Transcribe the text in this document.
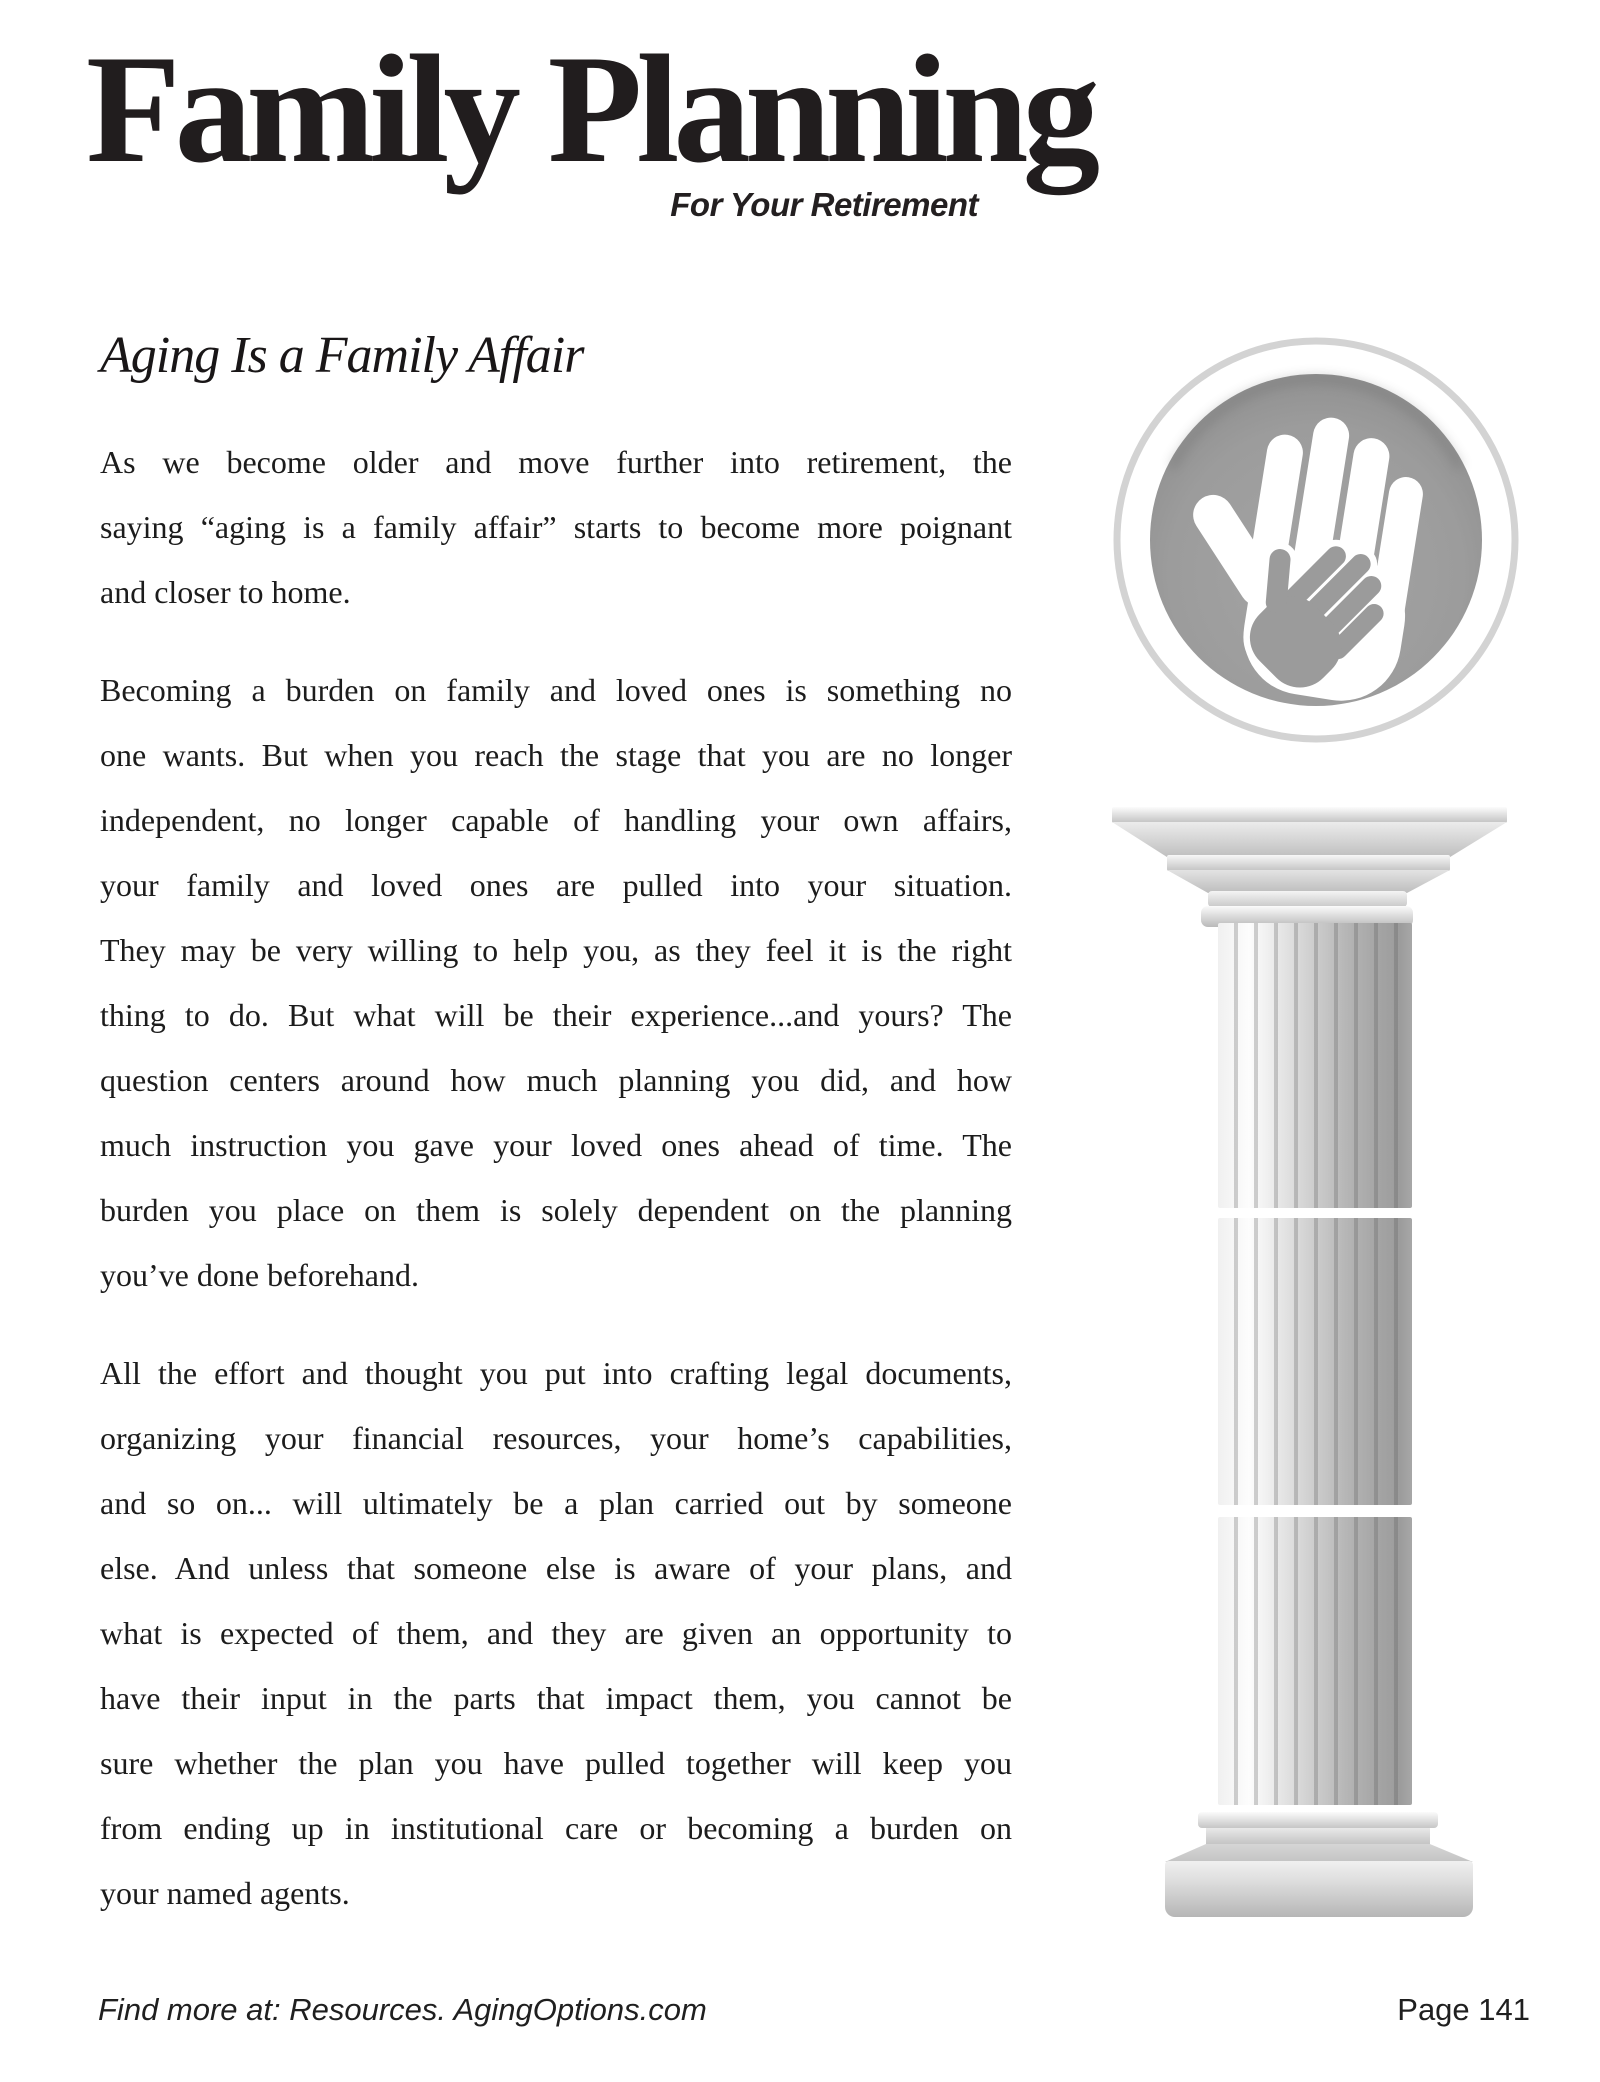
Family Planning
For Your Retirement
Aging Is a Family Affair
As we become older and move further into retirement, the
saying “aging is a family affair” starts to become more poignant
and closer to home.
Becoming a burden on family and loved ones is something no
one wants. But when you reach the stage that you are no longer
independent, no longer capable of handling your own affairs,
your family and loved ones are pulled into your situation.
They may be very willing to help you, as they feel it is the right
thing to do. But what will be their experience...and yours? The
question centers around how much planning you did, and how
much instruction you gave your loved ones ahead of time. The
burden you place on them is solely dependent on the planning
you’ve done beforehand.
All the effort and thought you put into crafting legal documents,
organizing your financial resources, your home’s capabilities,
and so on... will ultimately be a plan carried out by someone
else. And unless that someone else is aware of your plans, and
what is expected of them, and they are given an opportunity to
have their input in the parts that impact them, you cannot be
sure whether the plan you have pulled together will keep you
from ending up in institutional care or becoming a burden on
your named agents.
Find more at: Resources. AgingOptions.com	Page 141
